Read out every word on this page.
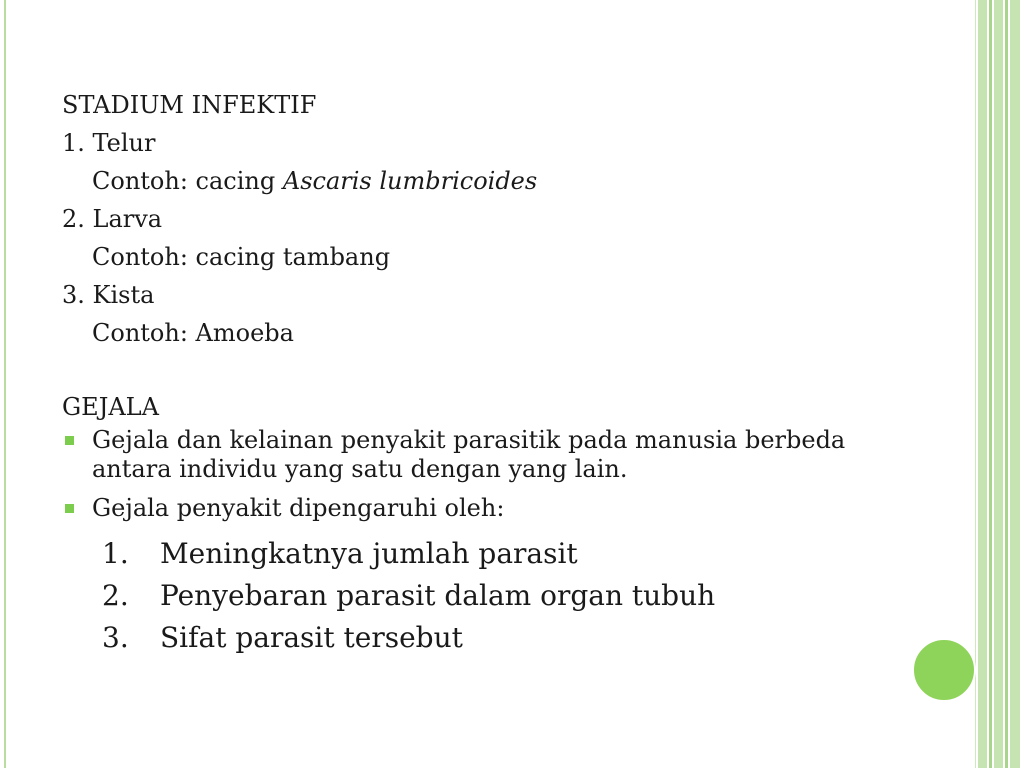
STADIUM INFEKTIF
1. Telur
Contoh: cacing Ascaris lumbricoides
2. Larva
Contoh: cacing tambang
3. Kista
Contoh: Amoeba
GEJALA
Gejala dan kelainan penyakit parasitik pada manusia berbeda antara individu yang satu dengan yang lain.
Gejala penyakit dipengaruhi oleh:
1. Meningkatnya jumlah parasit
2. Penyebaran parasit dalam organ tubuh
3. Sifat parasit tersebut
